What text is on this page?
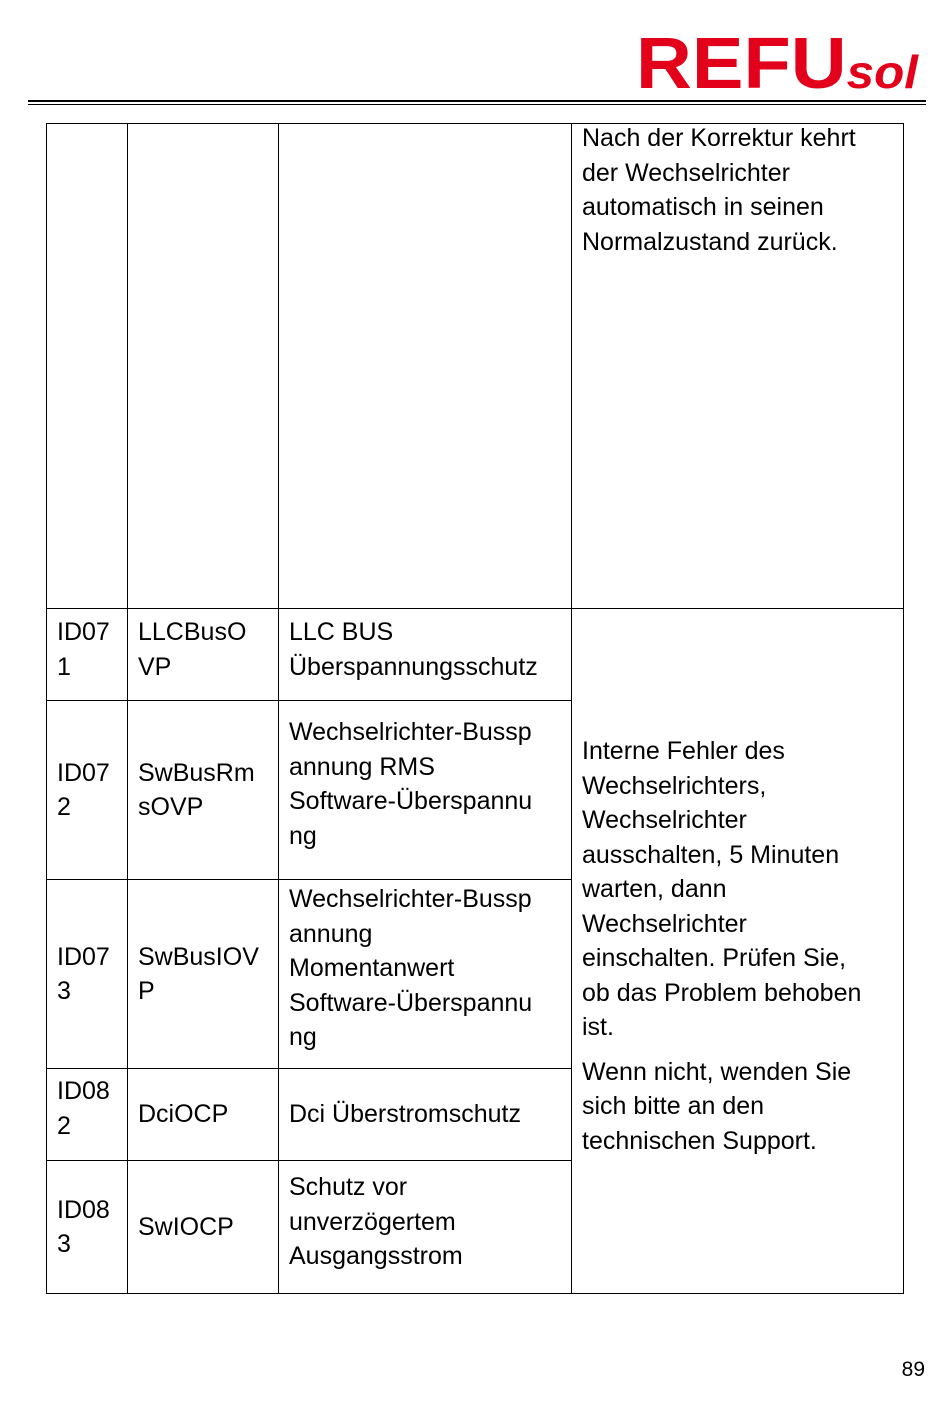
REFU sol
Nach der Korrektur kehrt
der Wechselrichter
automatisch in seinen
Normalzustand zurück.
ID07
1
LLCBusO
VP
LLC BUS
Überspannungsschutz
ID07
2
SwBusRm
sOVP
Wechselrichter-Bussp
annung RMS
Software-Überspannu
ng
ID07
3
SwBusIOV
P
Wechselrichter-Bussp
annung
Momentanwert
Software-Überspannu
ng
ID08
2	DciOCP	Dci Überstromschutz
ID08
3
SwIOCP
Schutz vor
unverzögertem
Ausgangsstrom
Interne Fehler des
Wechselrichters,
Wechselrichter
ausschalten, 5 Minuten
warten, dann
Wechselrichter
einschalten. Prüfen Sie,
ob das Problem behoben
ist.
Wenn nicht, wenden Sie
sich bitte an den
technischen Support.
89
